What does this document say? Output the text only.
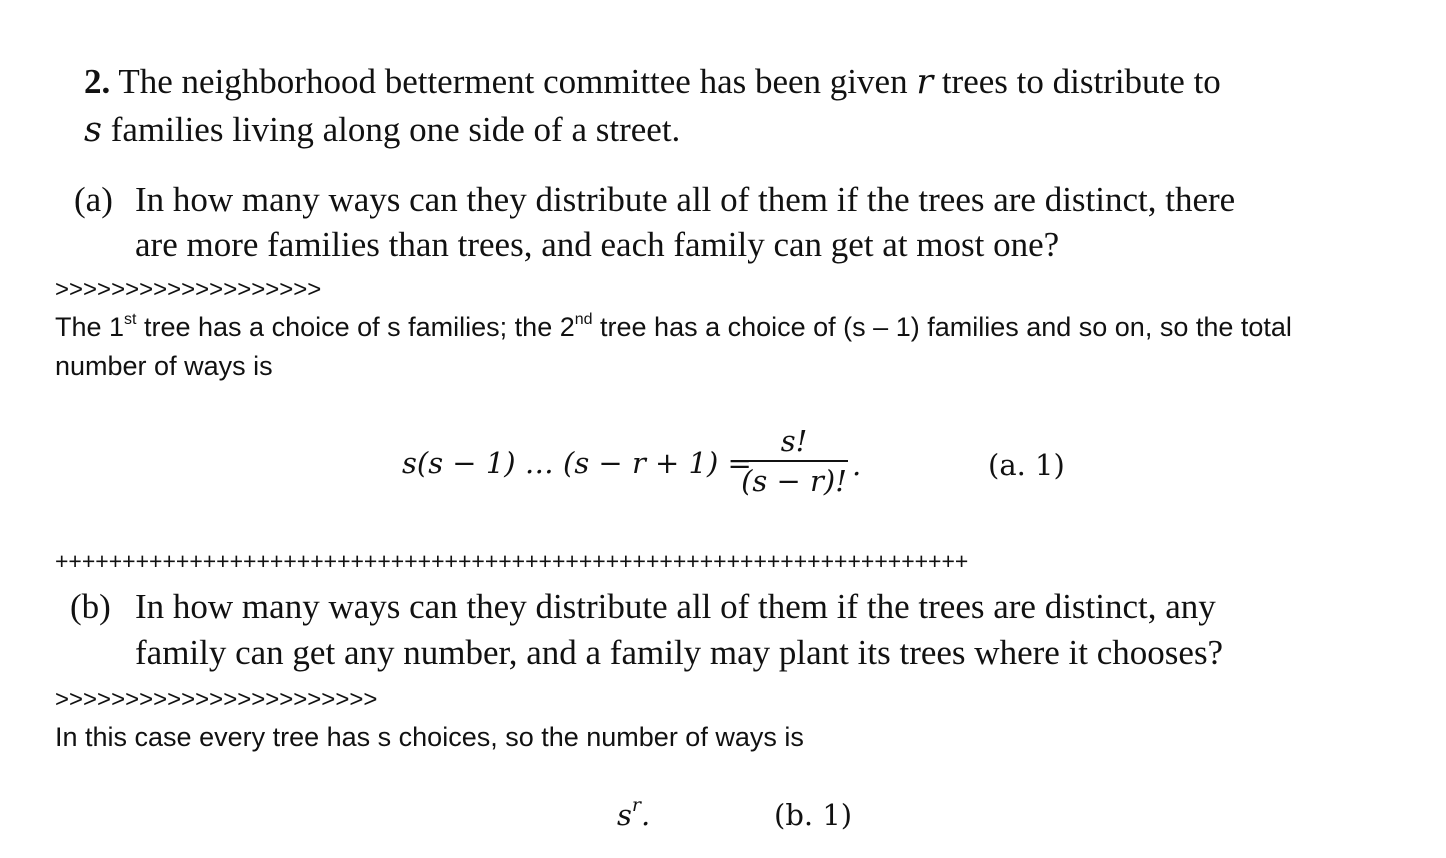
2. The neighborhood betterment committee has been given r trees to distribute to
s families living along one side of a street.
(a) In how many ways can they distribute all of them if the trees are distinct, there
are more families than trees, and each family can get at most one?
>>>>>>>>>>>>>>>>>>>
The 1st tree has a choice of s families; the 2nd tree has a choice of (s – 1) families and so on, so the total
number of ways is
s(s − 1) … (s − r + 1) =
s!
(s − r)! .	(a. 1)
++++++++++++++++++++++++++++++++++++++++++++++++++++++++++++++++++++
(b) In how many ways can they distribute all of them if the trees are distinct, any
family can get any number, and a family may plant its trees where it chooses?
>>>>>>>>>>>>>>>>>>>>>>>
In this case every tree has s choices, so the number of ways is
$s^r$.	(b. 1)
